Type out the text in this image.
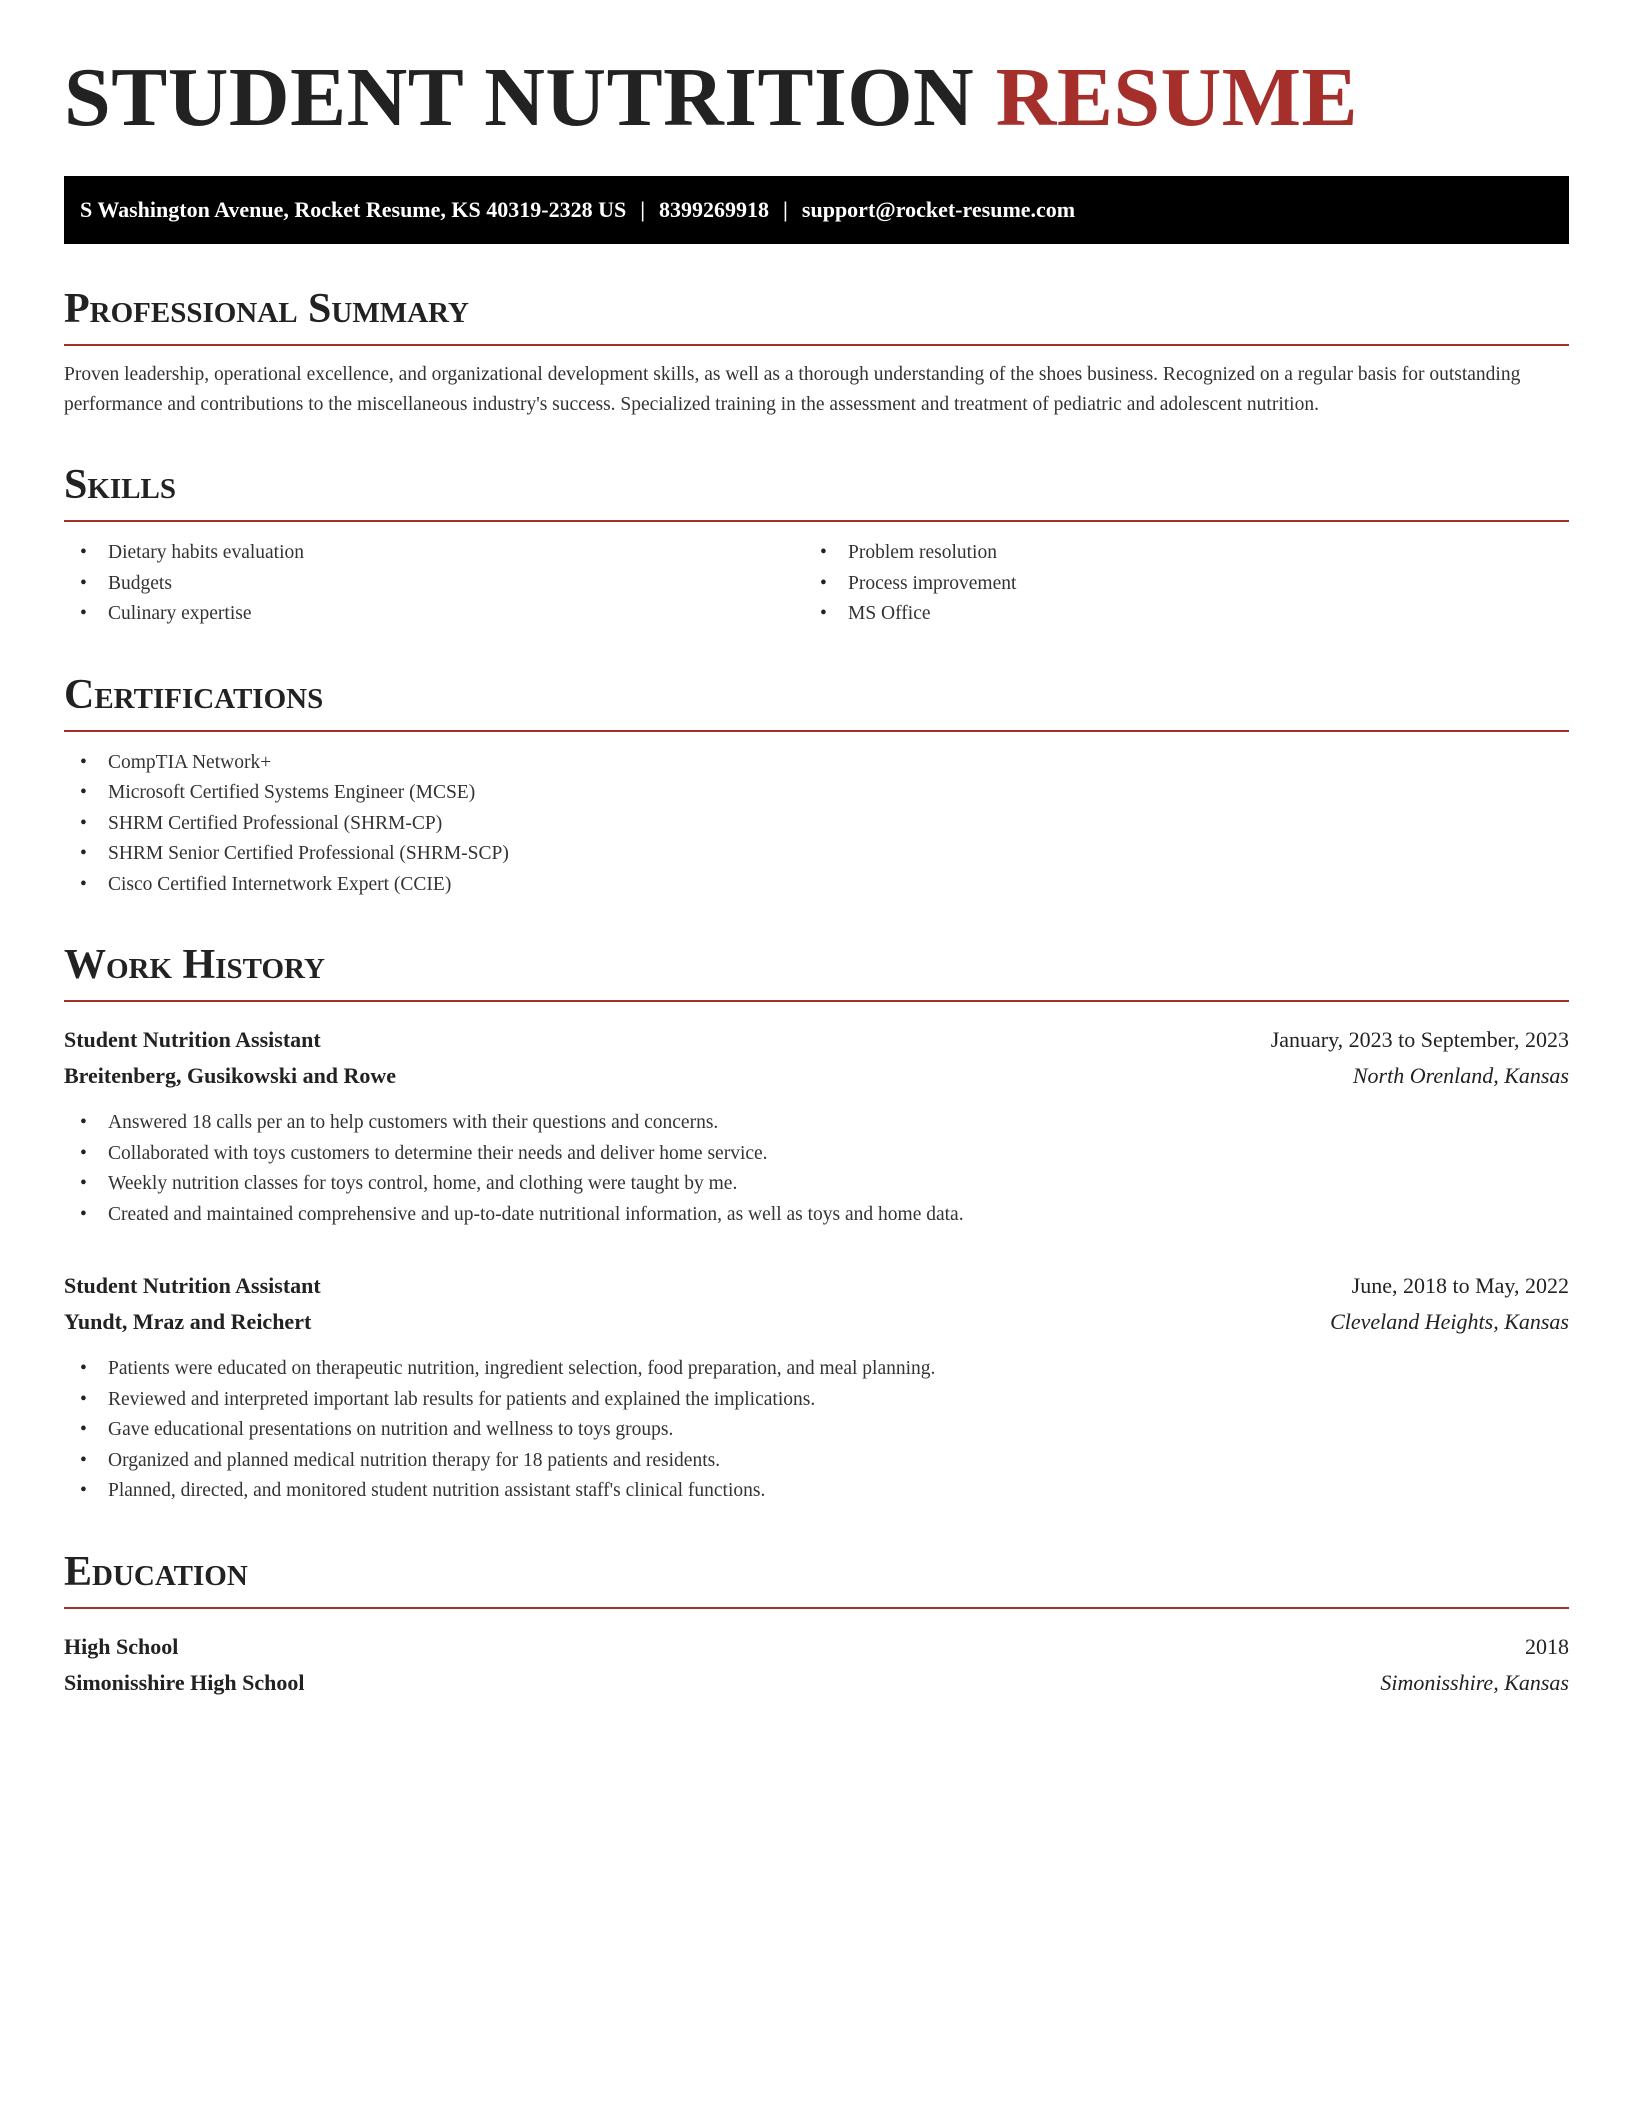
STUDENT NUTRITION RESUME
S Washington Avenue, Rocket Resume, KS 40319-2328 US | 8399269918 | support@rocket-resume.com
Professional Summary

Proven leadership, operational excellence, and organizational development skills, as well as a thorough understanding of the shoes business. Recognized on a regular basis for outstanding performance and contributions to the miscellaneous industry's success. Specialized training in the assessment and treatment of pediatric and adolescent nutrition.

Skills
• Dietary habits evaluation
• Budgets
• Culinary expertise
• Problem resolution
• Process improvement
• MS Office
Certifications
• CompTIA Network+
• Microsoft Certified Systems Engineer (MCSE)
• SHRM Certified Professional (SHRM-CP)
• SHRM Senior Certified Professional (SHRM-SCP)
• Cisco Certified Internetwork Expert (CCIE)
Work History
Student Nutrition Assistant	January, 2023 to September, 2023
Breitenberg, Gusikowski and Rowe	North Orenland, Kansas
• Answered 18 calls per an to help customers with their questions and concerns.
• Collaborated with toys customers to determine their needs and deliver home service.
• Weekly nutrition classes for toys control, home, and clothing were taught by me.
• Created and maintained comprehensive and up-to-date nutritional information, as well as toys and home data.
Student Nutrition Assistant	June, 2018 to May, 2022
Yundt, Mraz and Reichert	Cleveland Heights, Kansas
• Patients were educated on therapeutic nutrition, ingredient selection, food preparation, and meal planning.
• Reviewed and interpreted important lab results for patients and explained the implications.
• Gave educational presentations on nutrition and wellness to toys groups.
• Organized and planned medical nutrition therapy for 18 patients and residents.
• Planned, directed, and monitored student nutrition assistant staff's clinical functions.
Education
High School	2018
Simonisshire High School	Simonisshire, Kansas
